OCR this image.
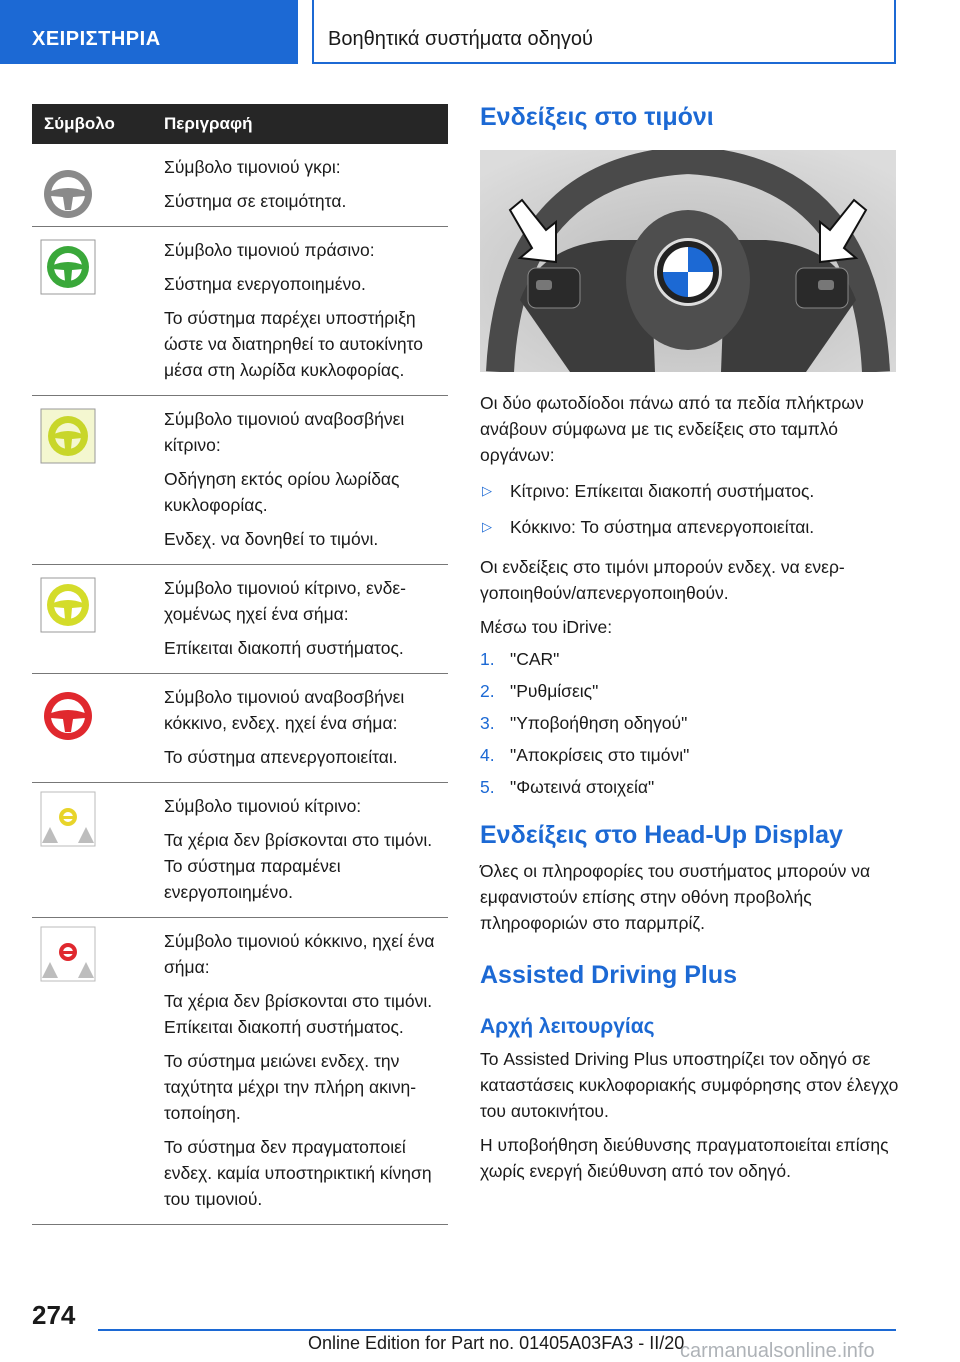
ΧΕΙΡΙΣΤΗΡΙΑ	Βοηθητικά συστήματα οδηγού
Σύμβολο	Περιγραφή

Σύμβολο τιμονιού γκρι:

Σύστημα σε ετοιμότητα.

Σύμβολο τιμονιού πράσινο:

Σύστημα ενεργοποιημένο.

Το σύστημα παρέχει υποστήριξη ώστε να διατηρηθεί το αυτοκίνητο μέσα στη λωρίδα κυκλοφορίας.

Σύμβολο τιμονιού αναβοσβήνει κίτρινο:

Οδήγηση εκτός ορίου λωρίδας κυκλοφορίας.

Ενδεχ. να δονηθεί το τιμόνι.

Σύμβολο τιμονιού κίτρινο, ενδεχομένως ηχεί ένα σήμα:

Επίκειται διακοπή συστήματος.

Σύμβολο τιμονιού αναβοσβήνει κόκκινο, ενδεχ. ηχεί ένα σήμα:

Το σύστημα απενεργοποιείται.

Σύμβολο τιμονιού κίτρινο:

Τα χέρια δεν βρίσκονται στο τιμόνι. Το σύστημα παραμένει ενεργοποιημένο.

Σύμβολο τιμονιού κόκκινο, ηχεί ένα σήμα:

Τα χέρια δεν βρίσκονται στο τιμόνι. Επίκειται διακοπή συστήματος.

Το σύστημα μειώνει ενδεχ. την ταχύτητα μέχρι την πλήρη ακινητοποίηση.

Το σύστημα δεν πραγματοποιεί ενδεχ. καμία υποστηρικτική κίνηση του τιμονιού.

Ενδείξεις στο τιμόνι

Οι δύο φωτοδίοδοι πάνω από τα πεδία πλήκτρων ανάβουν σύμφωνα με τις ενδείξεις στο ταμπλό οργάνων:

▷ Κίτρινο: Επίκειται διακοπή συστήματος.
▷ Κόκκινο: Το σύστημα απενεργοποιείται.

Οι ενδείξεις στο τιμόνι μπορούν ενδεχ. να ενεργοποιηθούν/απενεργοποιηθούν.

Μέσω του iDrive:

1. "CAR"
2. "Ρυθμίσεις"
3. "Υποβοήθηση οδηγού"
4. "Αποκρίσεις στο τιμόνι"
5. "Φωτεινά στοιχεία"
Ενδείξεις στο Head-Up Display

Όλες οι πληροφορίες του συστήματος μπορούν να εμφανιστούν επίσης στην οθόνη προβολής πληροφοριών στο παρμπρίζ.

Assisted Driving Plus
Αρχή λειτουργίας

Το Assisted Driving Plus υποστηρίζει τον οδηγό σε καταστάσεις κυκλοφοριακής συμφόρησης στον έλεγχο του αυτοκινήτου.

Η υποβοήθηση διεύθυνσης πραγματοποιείται επίσης χωρίς ενεργή διεύθυνση από τον οδηγό.

274
Online Edition for Part no. 01405A03FA3 - II/20
carmanualsonline.info
